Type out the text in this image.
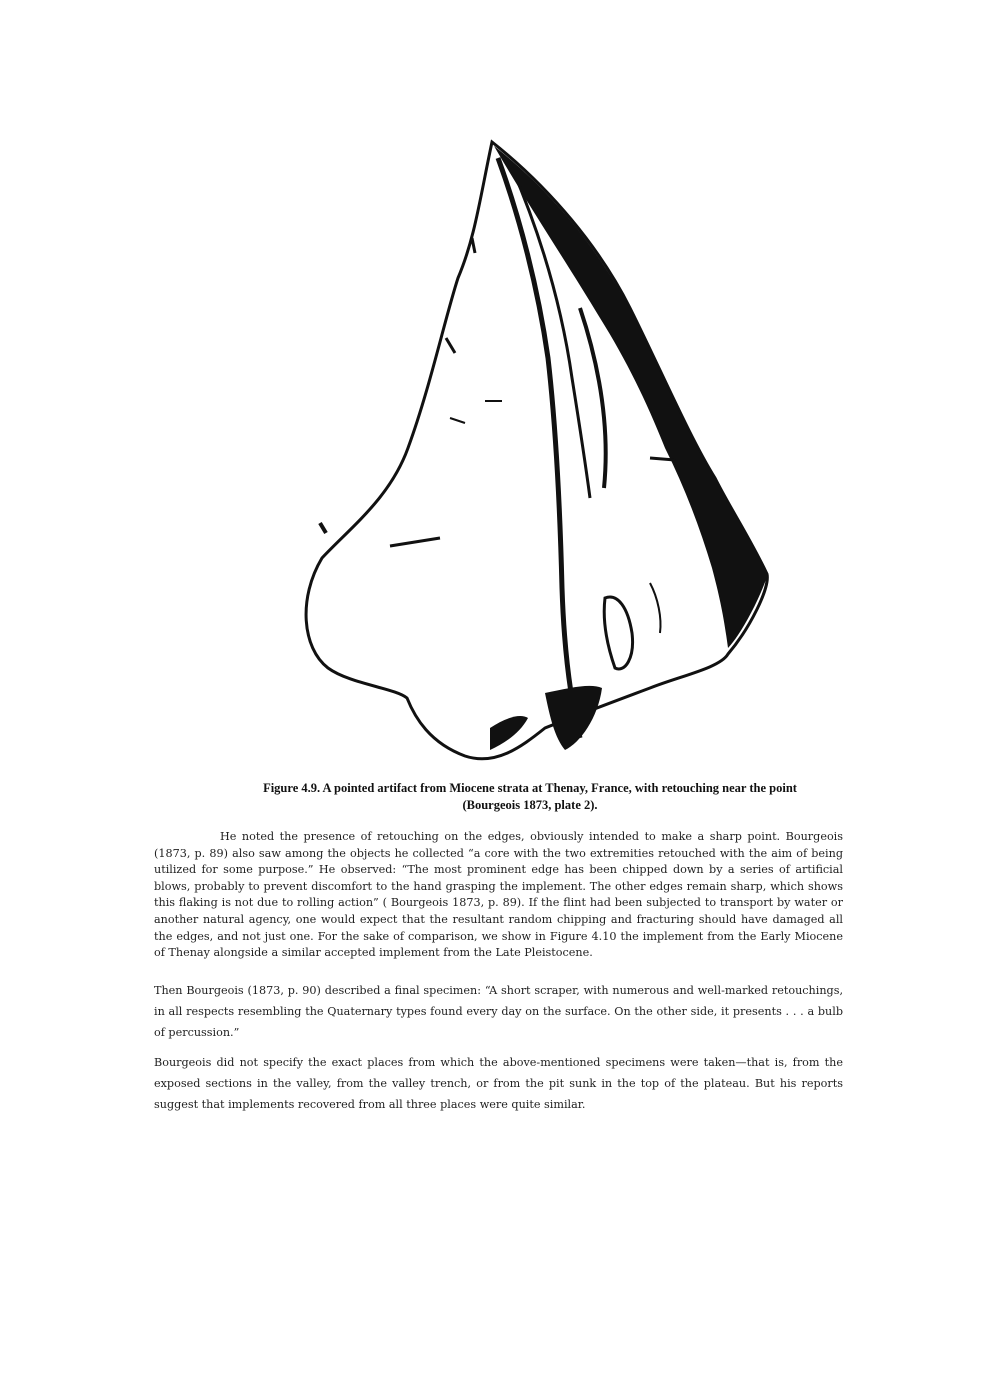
Figure 4.9. A pointed artifact from Miocene strata at Thenay, France, with retouching near the point
(Bourgeois 1873, plate 2).

He noted the presence of retouching on the edges, obviously intended to make a sharp point. Bourgeois (1873, p. 89) also saw among the objects he collected “a core with the two extremities retouched with the aim of being utilized for some purpose.” He observed: “The most prominent edge has been chipped down by a series of artificial blows, probably to prevent discomfort to the hand grasping the implement. The other edges remain sharp, which shows this flaking is not due to rolling action” ( Bourgeois 1873, p. 89). If the flint had been subjected to transport by water or another natural agency, one would expect that the resultant random chipping and fracturing should have damaged all the edges, and not just one. For the sake of comparison, we show in Figure 4.10 the implement from the Early Miocene of Thenay alongside a similar accepted implement from the Late Pleistocene.

Then Bourgeois (1873, p. 90) described a final specimen: “A short scraper, with numerous and well-marked retouchings, in all respects resembling the Quaternary types found every day on the surface. On the other side, it presents . . . a bulb of percussion.”

Bourgeois did not specify the exact places from which the above-mentioned specimens were taken—that is, from the exposed sections in the valley, from the valley trench, or from the pit sunk in the top of the plateau. But his reports suggest that implements recovered from all three places were quite similar.
